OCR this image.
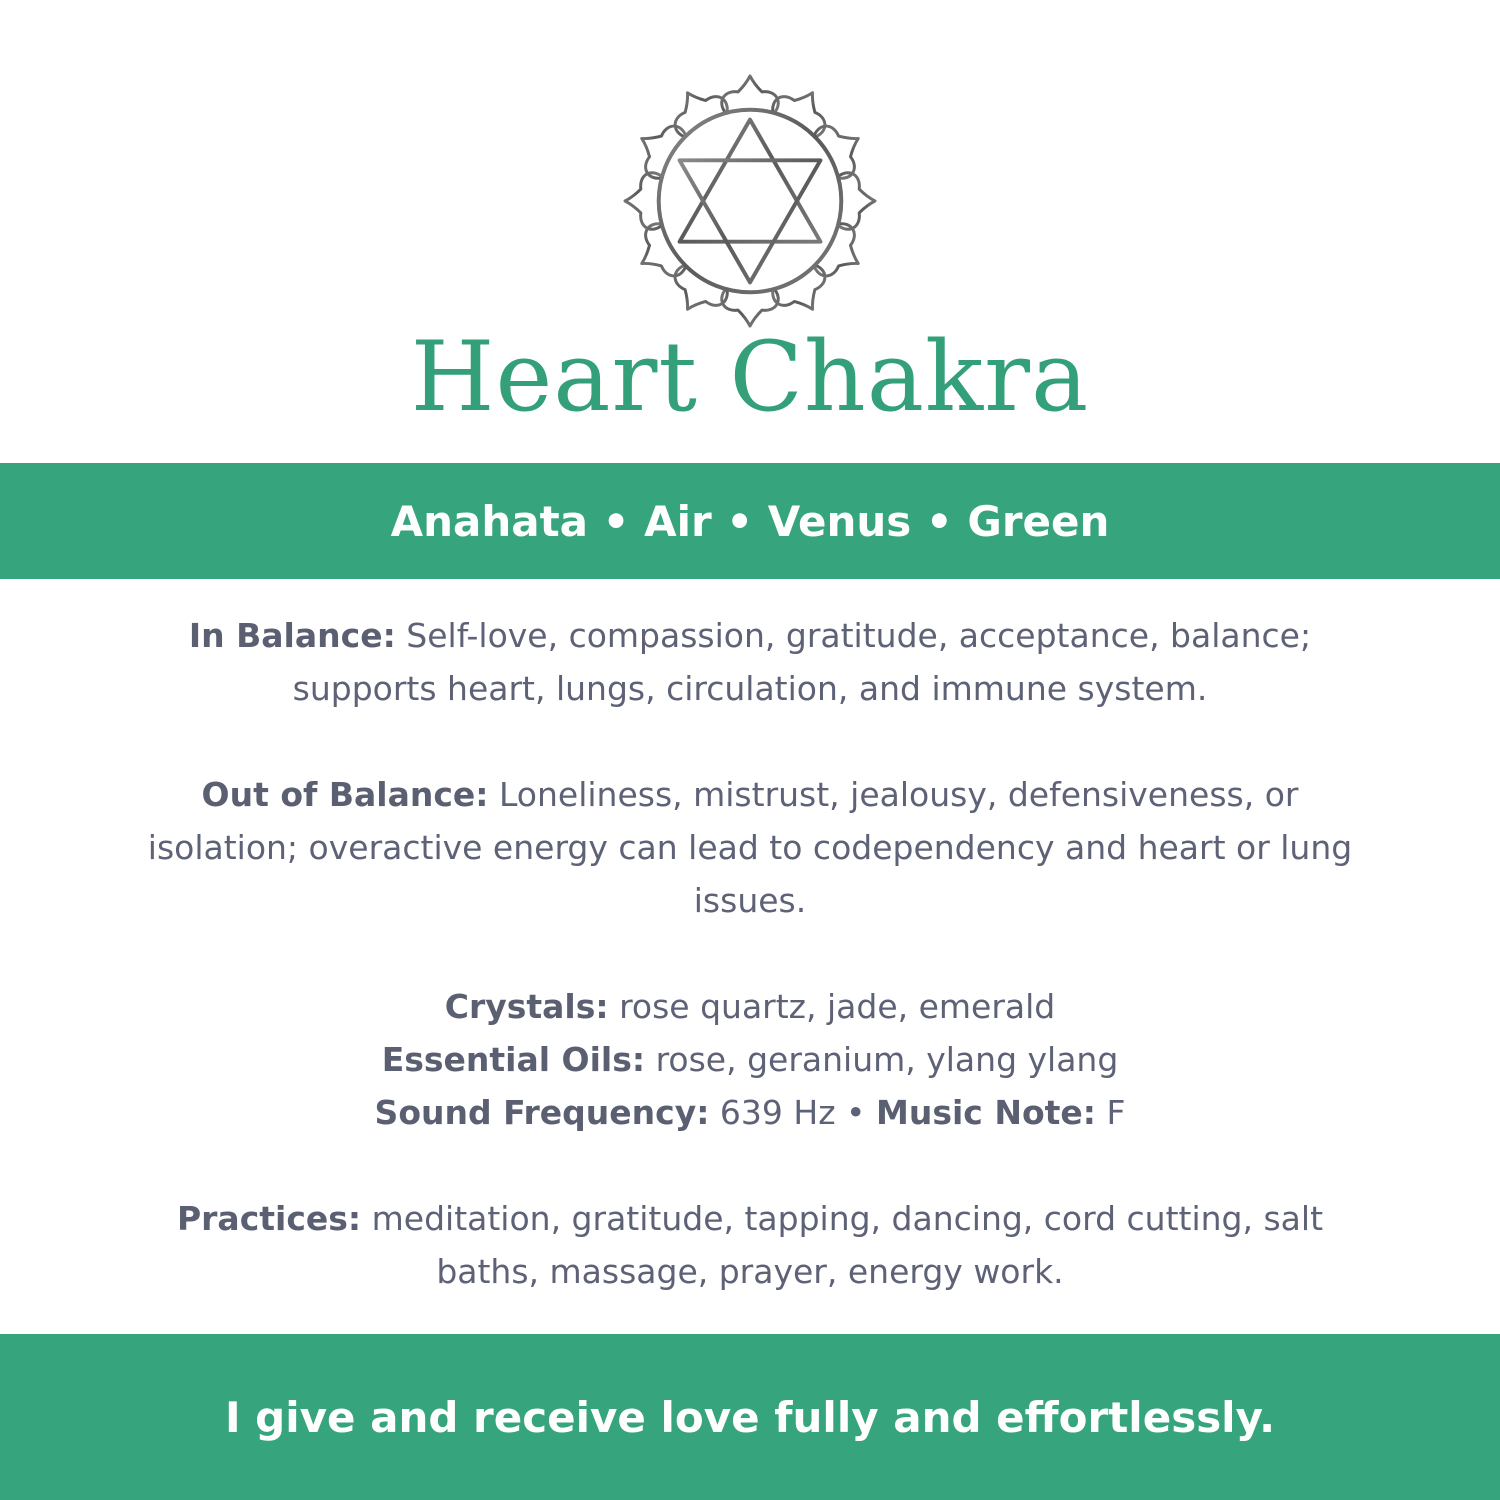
Heart Chakra
Anahata • Air • Venus • Green
In Balance: Self-love, compassion, gratitude, acceptance, balance; supports heart, lungs, circulation, and immune system.
Out of Balance: Loneliness, mistrust, jealousy, defensiveness, or isolation; overactive energy can lead to codependency and heart or lung issues.
Crystals: rose quartz, jade, emerald
Essential Oils: rose, geranium, ylang ylang
Sound Frequency: 639 Hz • Music Note: F
Practices: meditation, gratitude, tapping, dancing, cord cutting, salt baths, massage, prayer, energy work.
I give and receive love fully and effortlessly.
